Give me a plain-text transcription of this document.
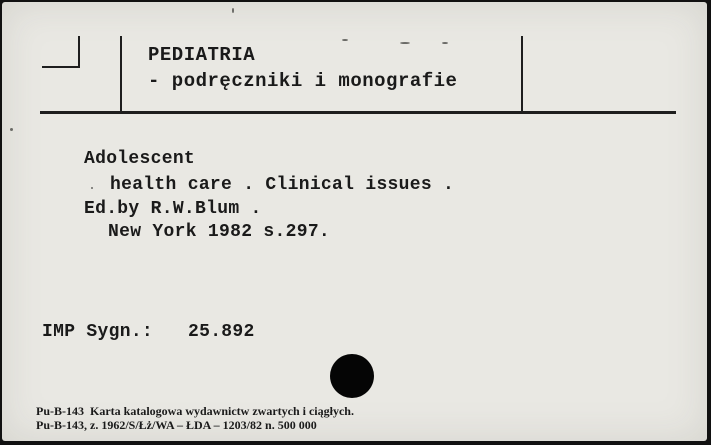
PEDIATRIA
- podręczniki i monografie
Adolescent
health care . Clinical issues .
Ed.by R.W.Blum .
New York 1982 s.297.
IMP Sygn.: 25.892
Pu-B-143  Karta katalogowa wydawnictw zwartych i ciągłych.
Pu-B-143, z. 1962/S/Łż/WA – ŁDA – 1203/82 n. 500 000
